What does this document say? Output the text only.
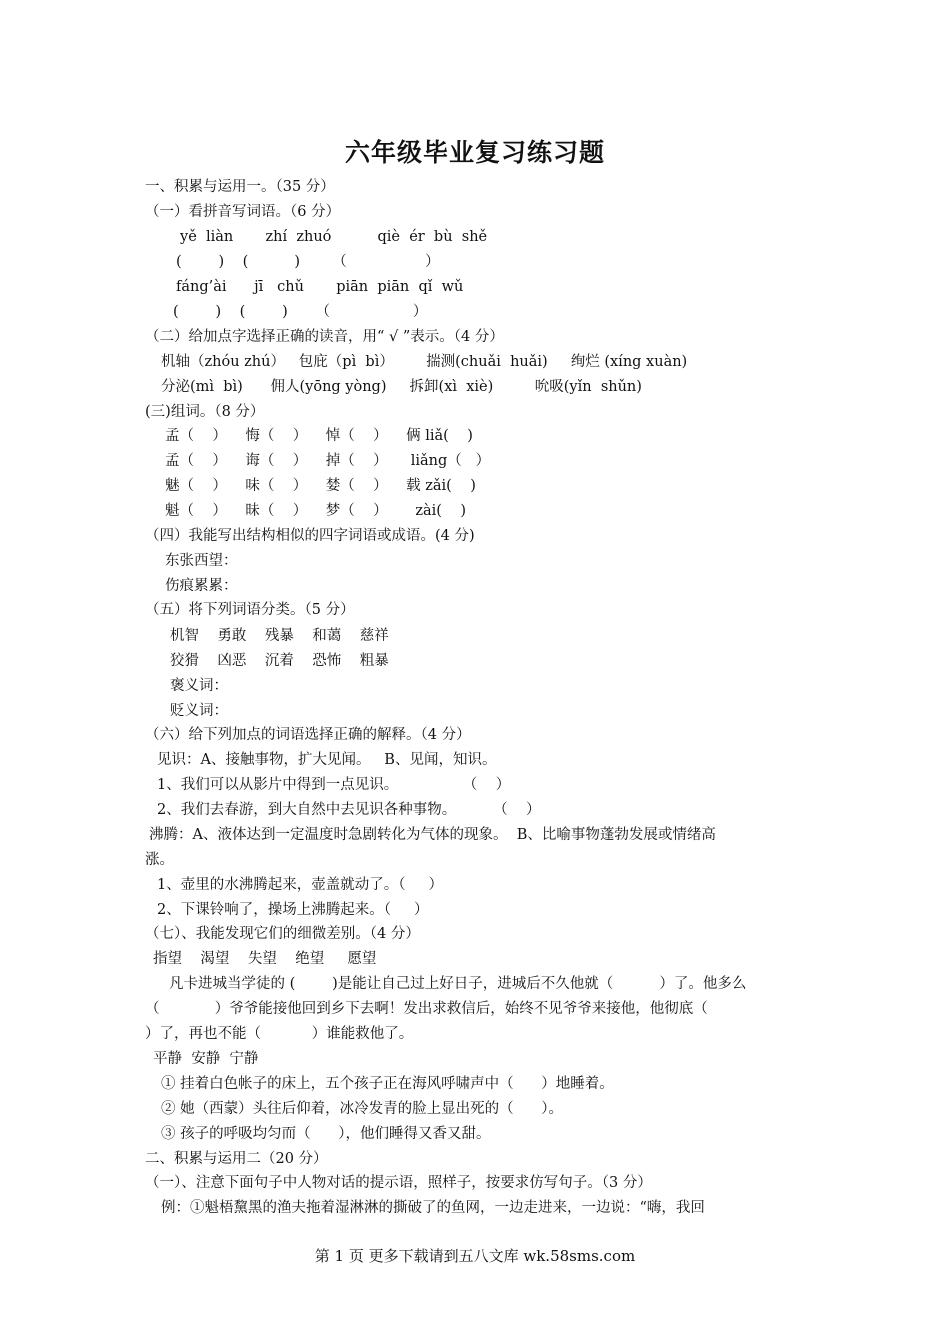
六年级毕业复习练习题
一、积累与运用一。（35 分）
（一）看拼音写词语。（6 分）
yě  liàn       zhí  zhuó          qiè  ér  bù  shě
(        )    (          )       （                 ）
fáng’ài      jī   chǔ       piān  piān  qǐ  wǔ
(        )    (        )      （                  ）
（二）给加点字选择正确的读音，用“ √ ”表示。（4 分）
机轴（zhóu zhú）   包庇（pì  bì）       揣测(chuǎi  huǎi)     绚烂 (xíng xuàn)
分泌(mì  bì)      佣人(yōng yòng)     拆卸(xì  xiè)         吮吸(yǐn  shǔn)
(三)组词。（8 分）
孟（    ）    悔（    ）    悼（    ）    俩 liǎ(    )
孟（    ）    诲（    ）    掉（    ）     liǎng（   ）
魅（    ）    味（    ）    婪（    ）    载 zǎi(    )
魁（    ）    昧（    ）    梦（    ）      zài(    )
（四）我能写出结构相似的四字词语或成语。(4 分)
东张西望：
伤痕累累：
（五）将下列词语分类。（5 分）
机智    勇敢    残暴    和蔼    慈祥
狡猾    凶恶    沉着    恐怖    粗暴
褒义词：
贬义词：
（六）给下列加点的词语选择正确的解释。（4 分）
见识：A、接触事物，扩大见闻。   B、见闻，知识。
1、我们可以从影片中得到一点见识。              （    ）
2、我们去春游，到大自然中去见识各种事物。        （    ）
沸腾：A、液体达到一定温度时急剧转化为气体的现象。  B、比喻事物蓬勃发展或情绪高
涨。
1、壶里的水沸腾起来，壶盖就动了。（     ）
2、下课铃响了，操场上沸腾起来。（     ）
（七）、我能发现它们的细微差别。（4 分）
指望    渴望    失望    绝望     愿望
凡卡进城当学徒的 (        )是能让自己过上好日子，进城后不久他就（          ）了。他多么
（            ）爷爷能接他回到乡下去啊！发出求救信后，始终不见爷爷来接他，他彻底（
）了，再也不能（           ）谁能救他了。
平静  安静  宁静
① 挂着白色帐子的床上，五个孩子正在海风呼啸声中（      ）地睡着。
② 她（西蒙）头往后仰着，冰冷发青的脸上显出死的（      ）。
③ 孩子的呼吸均匀而（      ），他们睡得又香又甜。
二、积累与运用二（20 分）
（一）、注意下面句子中人物对话的提示语，照样子，按要求仿写句子。（3 分）
例：①魁梧黧黑的渔夫拖着湿淋淋的撕破了的鱼网，一边走进来，一边说：“嗨，我回
第 1 页 更多下载请到五八文库 wk.58sms.com
